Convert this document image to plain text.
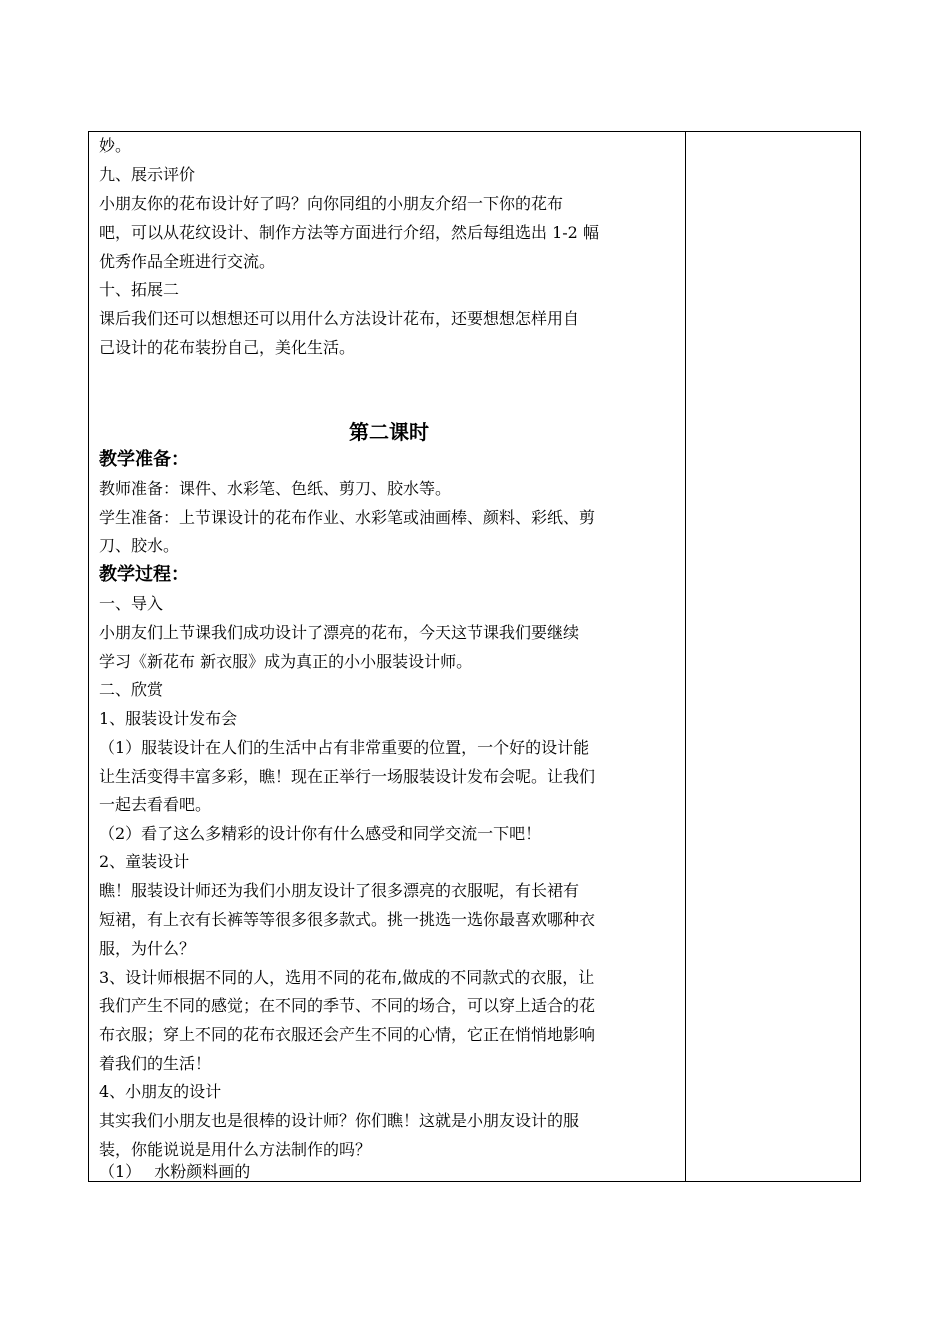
妙。
九、展示评价
小朋友你的花布设计好了吗？向你同组的小朋友介绍一下你的花布
吧，可以从花纹设计、制作方法等方面进行介绍，然后每组选出 1-2 幅
优秀作品全班进行交流。
十、拓展二
课后我们还可以想想还可以用什么方法设计花布，还要想想怎样用自
己设计的花布装扮自己，美化生活。
第二课时
教学准备：
教师准备：课件、水彩笔、色纸、剪刀、胶水等。
学生准备：上节课设计的花布作业、水彩笔或油画棒、颜料、彩纸、剪
刀、胶水。
教学过程：
一、导入
小朋友们上节课我们成功设计了漂亮的花布，今天这节课我们要继续
学习《新花布 新衣服》成为真正的小小服装设计师。
二、欣赏
1、服装设计发布会
（1）服装设计在人们的生活中占有非常重要的位置，一个好的设计能
让生活变得丰富多彩，瞧！现在正举行一场服装设计发布会呢。让我们
一起去看看吧。
（2）看了这么多精彩的设计你有什么感受和同学交流一下吧！
2、童装设计
瞧！服装设计师还为我们小朋友设计了很多漂亮的衣服呢，有长裙有
短裙，有上衣有长裤等等很多很多款式。挑一挑选一选你最喜欢哪种衣
服，为什么？
3、设计师根据不同的人，选用不同的花布,做成的不同款式的衣服，让
我们产生不同的感觉；在不同的季节、不同的场合，可以穿上适合的花
布衣服；穿上不同的花布衣服还会产生不同的心情，它正在悄悄地影响
着我们的生活！
4、小朋友的设计
其实我们小朋友也是很棒的设计师？你们瞧！这就是小朋友设计的服
装，你能说说是用什么方法制作的吗？
（1）　 水粉颜料画的
